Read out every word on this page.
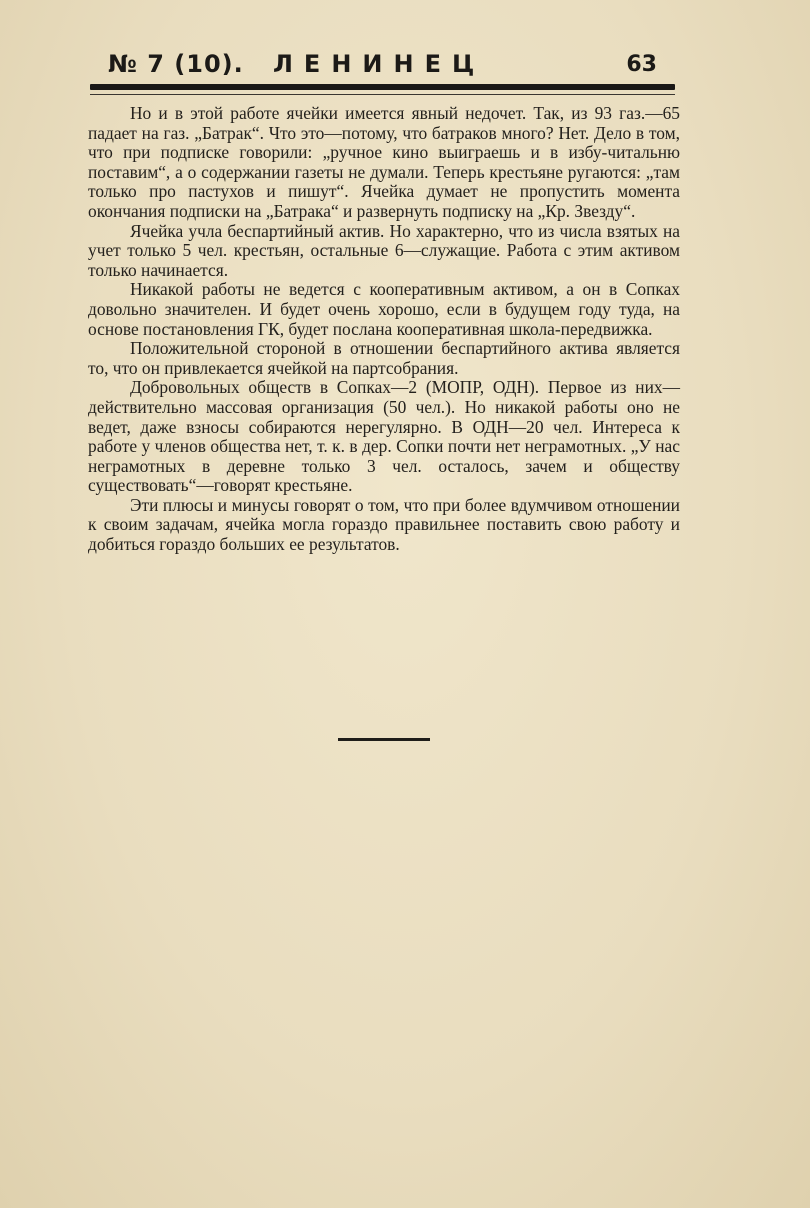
№ 7 (10). ЛЕНИНЕЦ	63

Но и в этой работе ячейки имеется явный недочет. Так, из 93 газ.—65 падает на газ. „Батрак“. Что это—потому, что батраков много? Нет. Дело в том, что при подписке говорили: „ручное кино выиграешь и в избу-читальню поставим“, а о содержании газеты не думали. Теперь крестьяне ругаются: „там только про пастухов и пишут“. Ячейка думает не пропустить момента окончания подписки на „Батрака“ и развернуть подписку на „Кр. Звезду“.

Ячейка учла беспартийный актив. Но характерно, что из числа взятых на учет только 5 чел. крестьян, остальные 6—служащие. Работа с этим активом только начинается.

Никакой работы не ведется с кооперативным активом, а он в Сопках довольно значителен. И будет очень хорошо, если в будущем году туда, на основе постановления ГК, будет послана кооперативная школа-передвижка.

Положительной стороной в отношении беспартийного актива является то, что он привлекается ячейкой на партсобрания.

Добровольных обществ в Сопках—2 (МОПР, ОДН). Первое из них—действительно массовая организация (50 чел.). Но никакой работы оно не ведет, даже взносы собираются нерегулярно. В ОДН—20 чел. Интереса к работе у членов общества нет, т. к. в дер. Сопки почти нет неграмотных. „У нас неграмотных в деревне только 3 чел. осталось, зачем и обществу существовать“—говорят крестьяне.

Эти плюсы и минусы говорят о том, что при более вдумчивом отношении к своим задачам, ячейка могла гораздо правильнее поставить свою работу и добиться гораздо больших ее результатов.
